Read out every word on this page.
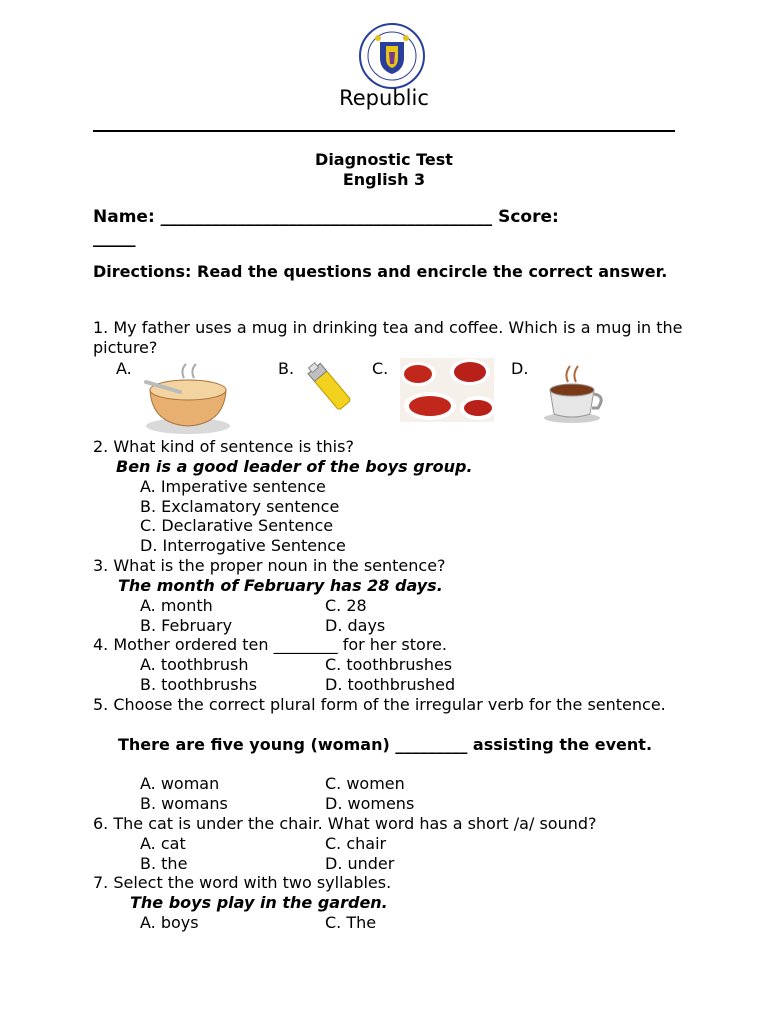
Republic
Diagnostic Test
English 3
Name: _______________________________________ Score:
_____
Directions: Read the questions and encircle the correct answer.
1. My father uses a mug in drinking tea and coffee. Which is a mug in the picture?
A.	B.	C.	D.
2. What kind of sentence is this?
Ben is a good leader of the boys group.
A. Imperative sentence
B. Exclamatory sentence
C. Declarative Sentence
D. Interrogative Sentence
3. What is the proper noun in the sentence?
The month of February has 28 days.
A. month	C. 28
B. February	D. days
4. Mother ordered ten ________ for her store.
A. toothbrush	C. toothbrushes
B. toothbrushs	D. toothbrushed
5. Choose the correct plural form of the irregular verb for the sentence.
There are five young (woman) _________ assisting the event.
A. woman	C. women
B. womans	D. womens
6. The cat is under the chair. What word has a short /a/ sound?
A. cat	C. chair
B. the	D. under
7. Select the word with two syllables.
The boys play in the garden.
A. boys	C. The
